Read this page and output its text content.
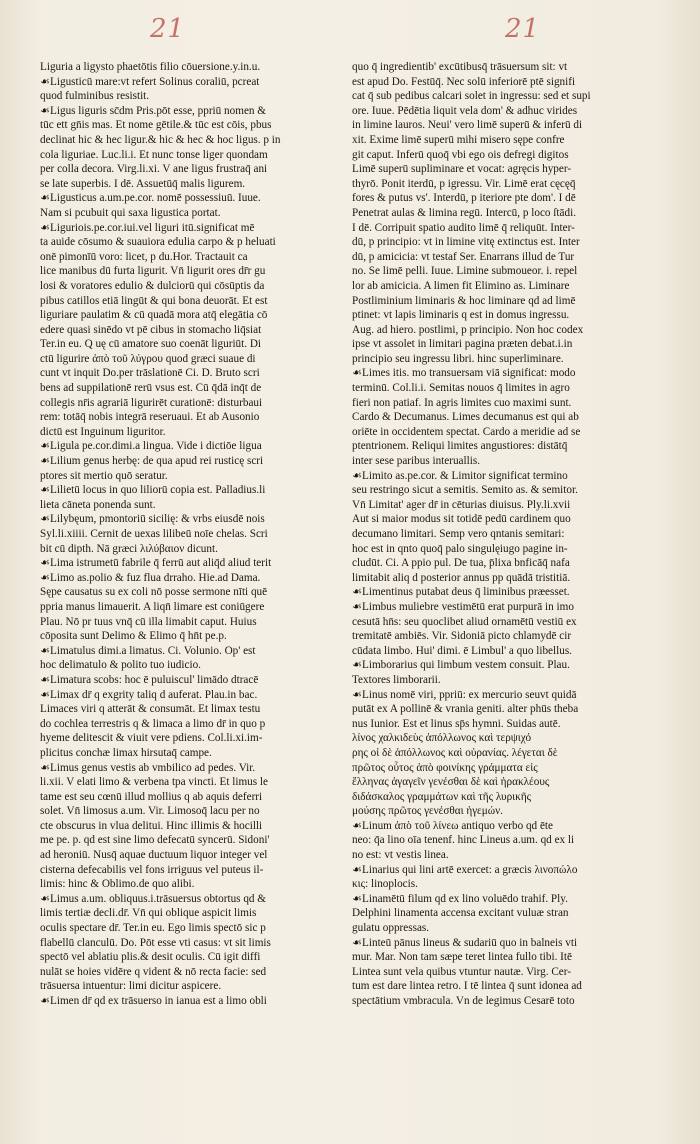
21	21
Liguria a ligysto phaetōtis filio cōuersione.y.in.u.
☙Ligusticū mare:vt refert Solinus coraliū, pcreat
quod fulminibus resistit.
☙Ligus liguris sc̄dm Pris.pōt esse, ppriū nomen &
tūc ett gn̄is mas. Et nome gētile.& tūc est cōis, pbus
declinat hic & hec ligur.& hic & hec & hoc ligus. p in
cola liguriae. Luc.li.i. Et nunc tonse liger quondam
per colla decora. Virg.li.xi. V ane ligus frustraq̄ ani
se late superbis. I dē. Assuetūq̄ malis ligurem.
☙Ligusticus a.um.pe.cor. nomē possessiuū. Iuue.
Nam si pcubuit qui saxa ligustica portat.
☙Liguriois.pe.cor.iui.vel liguri itū.significat mē
ta auide cōsumo & suauiora edulia carpo & p heluati
onē pimonīū voro: licet, p du.Hor. Tractauit ca
lice manibus dū furta ligurit. Vn̄ ligurit ores dr̄r gu
losi & voratores edulio & dulciorū qui cōsūptis da
pibus catillos etiā lingūt & qui bona deuorāt. Et est
liguriare paulatim & cū quadā mora atq̄ elegātia cō
edere quasi sinēdo vt pē cibus in stomacho liq̄siat
Ter.in eu. Q uę cū amatore suo coenāt liguriūt. Di
ctū ligurire ἀπὸ τοῦ λύγρου quod græci suaue di
cunt vt inquit Do.per trāslationē Ci. D. Bruto scri
bens ad suppilationē rerū vsus est. Cū q̄dā inq̄t de
collegis nr̄is agrariā ligurirēt curationē: disturbaui
rem: totāq̄ nobis integrā reseruaui. Et ab Ausonio
dictū est Inguinum liguritor.
☙Ligula pe.cor.dimi.a lingua. Vide i dictiōe ligua
☙Lilium genus herbę: de qua apud rei rusticę scri
ptores sit mertio quō seratur.
☙Lilietū locus in quo liliorū copia est. Palladius.li
lieta cāneta ponenda sunt.
☙Lilybęum, pmontoriū sicilię: & vrbs eiusdē nois
Syl.li.xiiii. Cernit de uexas lilibeū noīe chelas. Scri
bit cū dipth. Nā græci λιλύβαιον dicunt.
☙Lima istrumetū fabrile q̄ ferrū aut aliq̄d aliud terit
☙Limo as.polio & fuz flua drraho. Hie.ad Dama.
Sępe causatus su ex coli nō posse sermone nīti quē
ppria manus limauerit. A liqn̄ limare est coniūgere
Plau. Nō pr tuus vnq̄ cū illa limabit caput. Huius
cōposita sunt Delimo & Elimo q̄ hn̄t pe.p.
☙Limatulus dimi.a limatus. Ci. Volunio. Op' est
hoc delimatulo & polito tuo iudicio.
☙Limatura scobs: hoc ē puluiscul' limādo dtracē
☙Limax dr̄ q exgrity taliq d auferat. Plau.in bac.
Limaces viri q atterāt & consumāt. Et limax testu
do cochlea terrestris q & limaca a limo dr̄ in quo p
hyeme delitescit & viuit vere pdiens. Col.li.xi.im-
plicitus conchæ limax hirsutaq̄ campe.
☙Limus genus vestis ab vmbilico ad pedes. Vir.
li.xii. V elati limo & verbena tpa vincti. Et limus le
tame est seu cœnū illud mollius q ab aquis deferri
solet. Vn̄ limosus a.um. Vir. Limosoq̄ lacu per no
cte obscurus in vlua delitui. Hinc illimis & hocilli
me pe. p. qd est sine limo defecatū syncerū. Sidoni'
ad heroniū. Nusq̄ aquae ductuum liquor integer vel
cisterna defecabilis vel fons irriguus vel puteus il-
limis: hinc & Oblimo.de quo alibi.
☙Limus a.um. obliquus.i.trāsuersus obtortus qd &
limis tertiæ decli.dr̄. Vn̄ qui oblique aspicit limis
oculis spectare dr̄. Ter.in eu. Ego limis spectō sic p
flabellū clanculū. Do. Pōt esse vti casus: vt sit limis
spectō vel ablatiu plis.& desit oculis. Cū igit diffi
nulāt se hoies vidēre q vident & nō recta facie: sed
trāsuersa intuentur: limi dicitur aspicere.
☙Limen dr̄ qd ex trāsuerso in ianua est a limo obli
quo q̄ ingredientib' excūtibusq̄ trāsuersum sit: vt
est apud Do. Festūq̄. Nec solū inferiorē ptē signifi
cat q̄ sub pedibus calcari solet in ingressu: sed et supi
ore. Iuue. Pēdētia liquit vela dom' & adhuc virides
in limine lauros. Neui' vero limē superū & inferū di
xit. Exime limē superū mihi misero sępe confre
git caput. Inferū quoq̄ vbi ego ois defregi digitos
Limē superū supliminare et vocat: agręcis hyper-
thyrō. Ponit iterdū, p igressu. Vir. Limē erat cęcęq̄
fores & putus vs'. Interdū, p iteriore pte dom'. I dē
Penetrat aulas & limina regū. Intercū, p loco ſtādi.
I dē. Corripuit spatio audito limē q̄ reliquūt. Inter-
dū, p principio: vt in limine vitę extinctus est. Inter
dū, p amicicia: vt testaf Ser. Enarrans illud de Tur
no. Se limē pelli. Iuue. Limine submoueor. i. repel
lor ab amicicia. A limen fit Elimino as. Liminare
Postliminium liminaris & hoc liminare qd ad limē
ptinet: vt lapis liminaris q est in domus ingressu.
Aug. ad hiero. postlimi, p principio. Non hoc codex
ipse vt assolet in limitari pagina præten debat.i.in
principio seu ingressu libri. hinc superliminare.
☙Limes itis. mo transuersam viā significat: modo
terminū. Col.li.i. Semitas nouos q̄ limites in agro
fieri non patiaf. In agris limites cuo maximi sunt.
Cardo & Decumanus. Limes decumanus est qui ab
oriēte in occidentem spectat. Cardo a meridie ad se
ptentrionem. Reliqui limites angustiores: distātq̄
inter sese paribus interuallis.
☙Limito as.pe.cor. & Limitor significat termino
seu restringo sicut a semitis. Semito as. & semitor.
Vn̄ Limitat' ager dr̄ in cēturias diuisus. Ply.li.xvii
Aut si maior modus sit totidē pedū cardinem quo
decumano limitari. Semp vero qntanis semitari:
hoc est in qnto quoq̄ palo singulęiugo pagine in-
cludūt. Ci. A ppio pul. De tua, p̄lixa bnficāq̄ nafa
limitabit aliq d posterior annus pp quādā tristitiā.
☙Limentinus putabat deus q̄ liminibus præesset.
☙Limbus muliebre vestimētū erat purpurā in imo
cesutā hn̄s: seu quoclibet aliud ornamētū vestiū ex
tremitatē ambiēs. Vir. Sidoniā picto chlamydē cir
cūdata limbo. Hui' dimi. ē Limbul' a quo libellus.
☙Limborarius qui limbum vestem consuit. Plau.
Textores limborarii.
☙Linus nomē viri, ppriū: ex mercurio seuvt quidā
putāt ex A pollinē & vrania geniti. alter phūs theba
nus Iunior. Est et linus sp̄s hymni. Suidas autē.
λίνος χαλκιδεὺς ἀπόλλωνος καὶ τερψιχό
ρης οἱ δὲ ἀπόλλωνος καὶ οὐρανίας. λέγεται δὲ
πρῶτος οὗτος ἀπὸ φοινίκης γράμματα εἰς
ἕλληνας ἀγαγεῖν γενέσθαι δὲ καὶ ἡρακλέους
διδάσκαλος γραμμάτων καὶ τῆς λυρικῆς
μούσης πρῶτος γενέσθαι ἡγεμών.
☙Linum ἀπὸ τοῦ λίνεω antiquo verbo qd ēte
neo: q̄a lino oīa tenenf. hinc Lineus a.um. qd ex li
no est: vt vestis linea.
☙Linarius qui lini artē exercet: a græcis λινοπώλο
κις: linoplocis.
☙Linamētū filum qd ex lino voluēdo trahif. Ply.
Delphini linamenta accensa excitant vuluæ stran
gulatu oppressas.
☙Linteū pānus lineus & sudariū quo in balneis vti
mur. Mar. Non tam sæpe teret lintea fullo tibi. Itē
Lintea sunt vela quibus vtuntur nautæ. Virg. Cer-
tum est dare lintea retro. I tē lintea q̄ sunt idonea ad
spectātium vmbracula. Vn de legimus Cesarē toto
